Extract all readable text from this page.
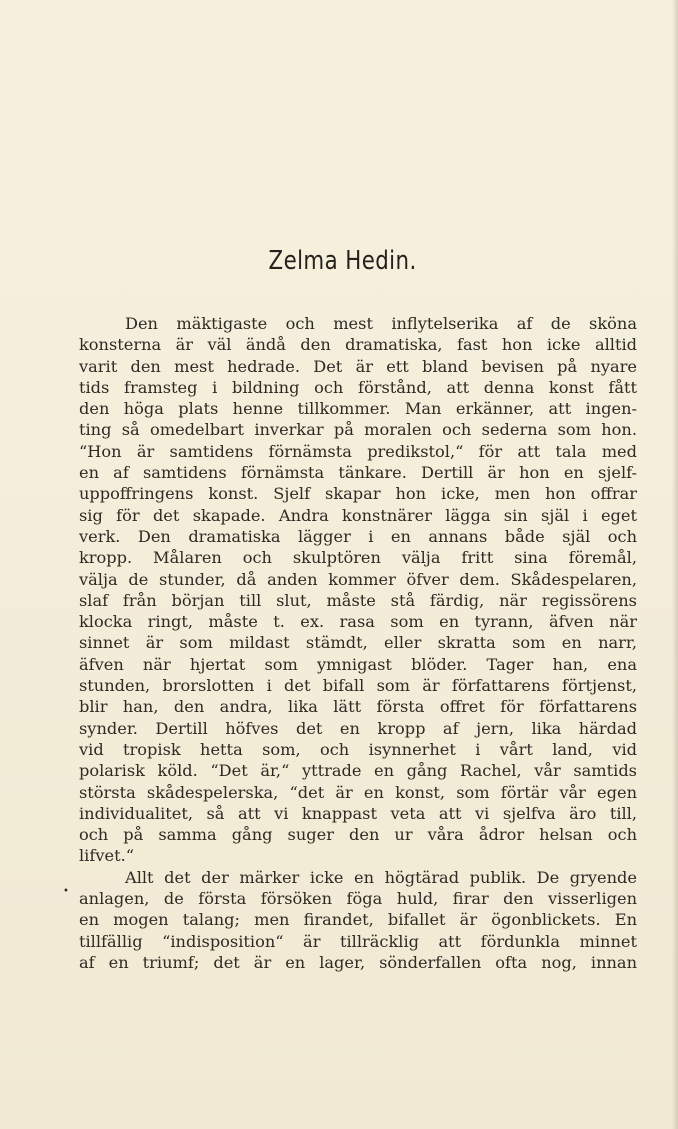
Zelma Hedin.
Den mäktigaste och mest inflytelserika af de sköna
konsterna är väl ändå den dramatiska, fast hon icke alltid
varit den mest hedrade. Det är ett bland bevisen på nyare
tids framsteg i bildning och förstånd, att denna konst fått
den höga plats henne tillkommer. Man erkänner, att ingen-
ting så omedelbart inverkar på moralen och sederna som hon.
“Hon är samtidens förnämsta predikstol,“ för att tala med
en af samtidens förnämsta tänkare. Dertill är hon en sjelf-
uppoffringens konst. Sjelf skapar hon icke, men hon offrar
sig för det skapade. Andra konstnärer lägga sin själ i eget
verk. Den dramatiska lägger i en annans både själ och
kropp. Målaren och skulptören välja fritt sina föremål,
välja de stunder, då anden kommer öfver dem. Skådespelaren,
slaf från början till slut, måste stå färdig, när regissörens
klocka ringt, måste t. ex. rasa som en tyrann, äfven när
sinnet är som mildast stämdt, eller skratta som en narr,
äfven när hjertat som ymnigast blöder. Tager han, ena
stunden, brorslotten i det bifall som är författarens förtjenst,
blir han, den andra, lika lätt första offret för författarens
synder. Dertill höfves det en kropp af jern, lika härdad
vid tropisk hetta som, och isynnerhet i vårt land, vid
polarisk köld. “Det är,“ yttrade en gång Rachel, vår samtids
största skådespelerska, “det är en konst, som förtär vår egen
individualitet, så att vi knappast veta att vi sjelfva äro till,
och på samma gång suger den ur våra ådror helsan och
lifvet.“
Allt det der märker icke en högtärad publik. De gryende
anlagen, de första försöken föga huld, firar den visserligen
en mogen talang; men firandet, bifallet är ögonblickets. En
tillfällig “indisposition“ är tillräcklig att fördunkla minnet
af en triumf; det är en lager, sönderfallen ofta nog, innan
•
